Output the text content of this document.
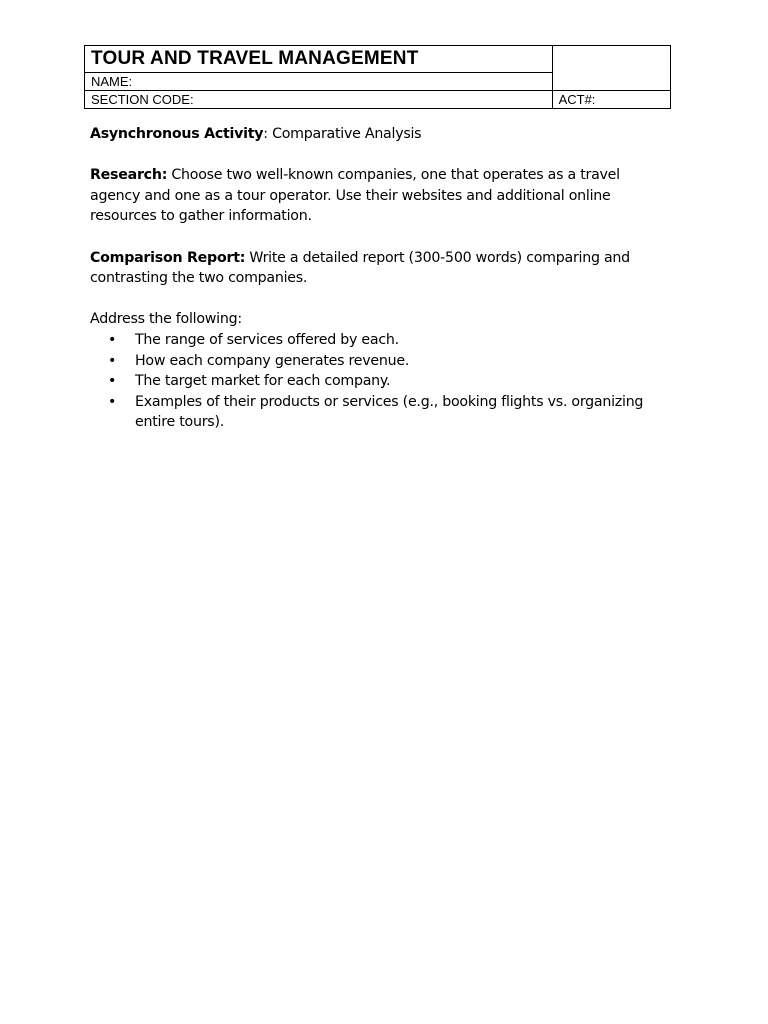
TOUR AND TRAVEL MANAGEMENT	
NAME:	
SECTION CODE:	ACT#:

Asynchronous Activity: Comparative Analysis

Research: Choose two well-known companies, one that operates as a travel agency and one as a tour operator. Use their websites and additional online resources to gather information.

Comparison Report: Write a detailed report (300-500 words) comparing and contrasting the two companies.

Address the following:

• The range of services offered by each.
• How each company generates revenue.
• The target market for each company.
• Examples of their products or services (e.g., booking flights vs. organizing entire tours).
